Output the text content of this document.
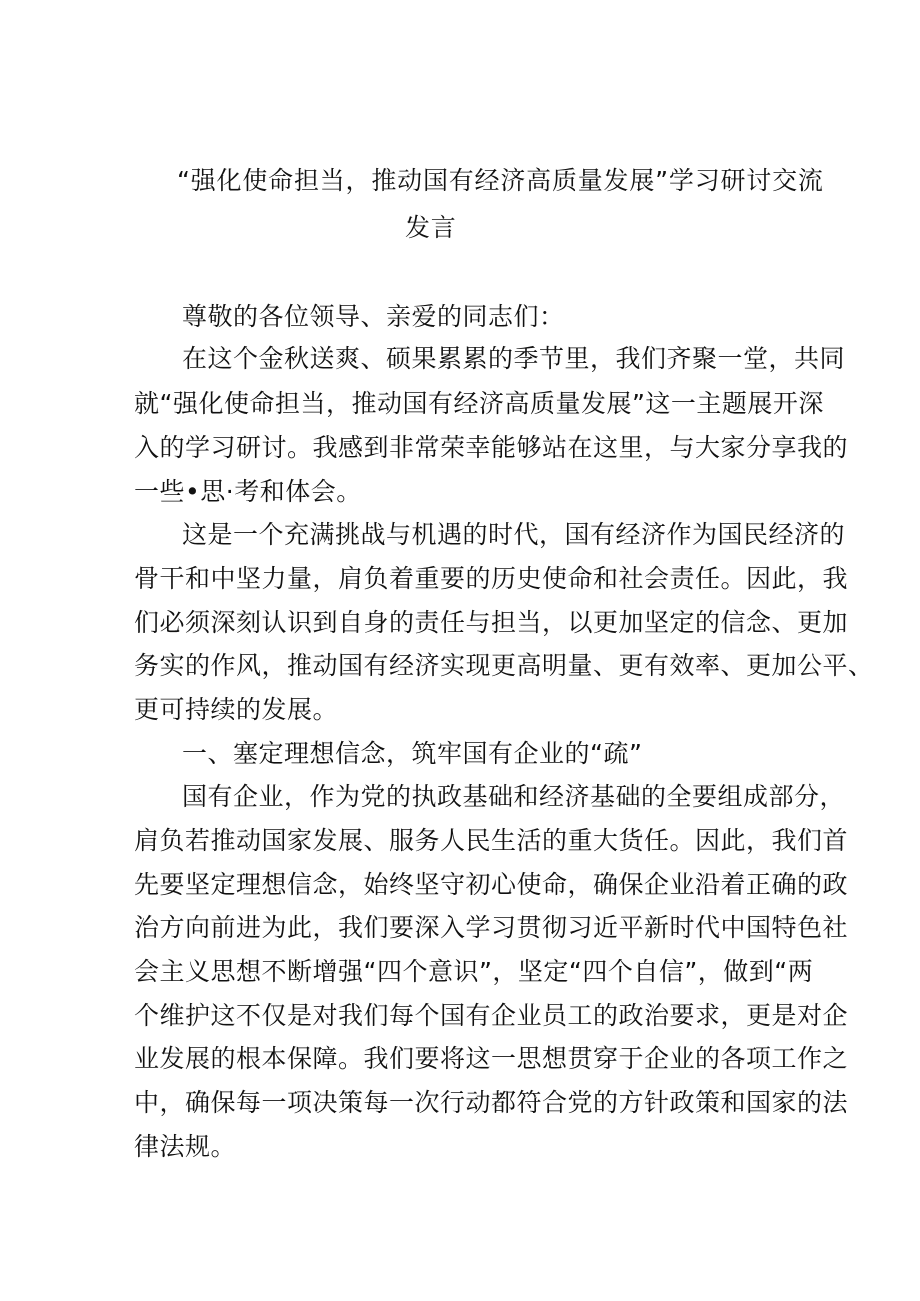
“强化使命担当，推动国有经济高质量发展”学习研讨交流
发言
尊敬的各位领导、亲爱的同志们：
在这个金秋送爽、硕果累累的季节里，我们齐聚一堂，共同
就“强化使命担当，推动国有经济高质量发展”这一主题展开深
入的学习研讨。我感到非常荣幸能够站在这里，与大家分享我的
一些•思·考和体会。
这是一个充满挑战与机遇的时代，国有经济作为国民经济的
骨干和中坚力量，肩负着重要的历史使命和社会责任。因此，我
们必须深刻认识到自身的责任与担当，以更加坚定的信念、更加
务实的作风，推动国有经济实现更高明量、更有效率、更加公平、
更可持续的发展。
一、塞定理想信念，筑牢国有企业的“疏”
国有企业，作为党的执政基础和经济基础的全要组成部分，
肩负若推动国家发展、服务人民生活的重大货任。因此，我们首
先要坚定理想信念，始终坚守初心使命，确保企业沿着正确的政
治方向前进为此，我们要深入学习贯彻习近平新时代中国特色社
会主义思想不断增强“四个意识”，坚定“四个自信”，做到“两
个维护这不仅是对我们每个国有企业员工的政治要求，更是对企
业发展的根本保障。我们要将这一思想贯穿于企业的各项工作之
中，确保每一项决策每一次行动都符合党的方针政策和国家的法
律法规。
